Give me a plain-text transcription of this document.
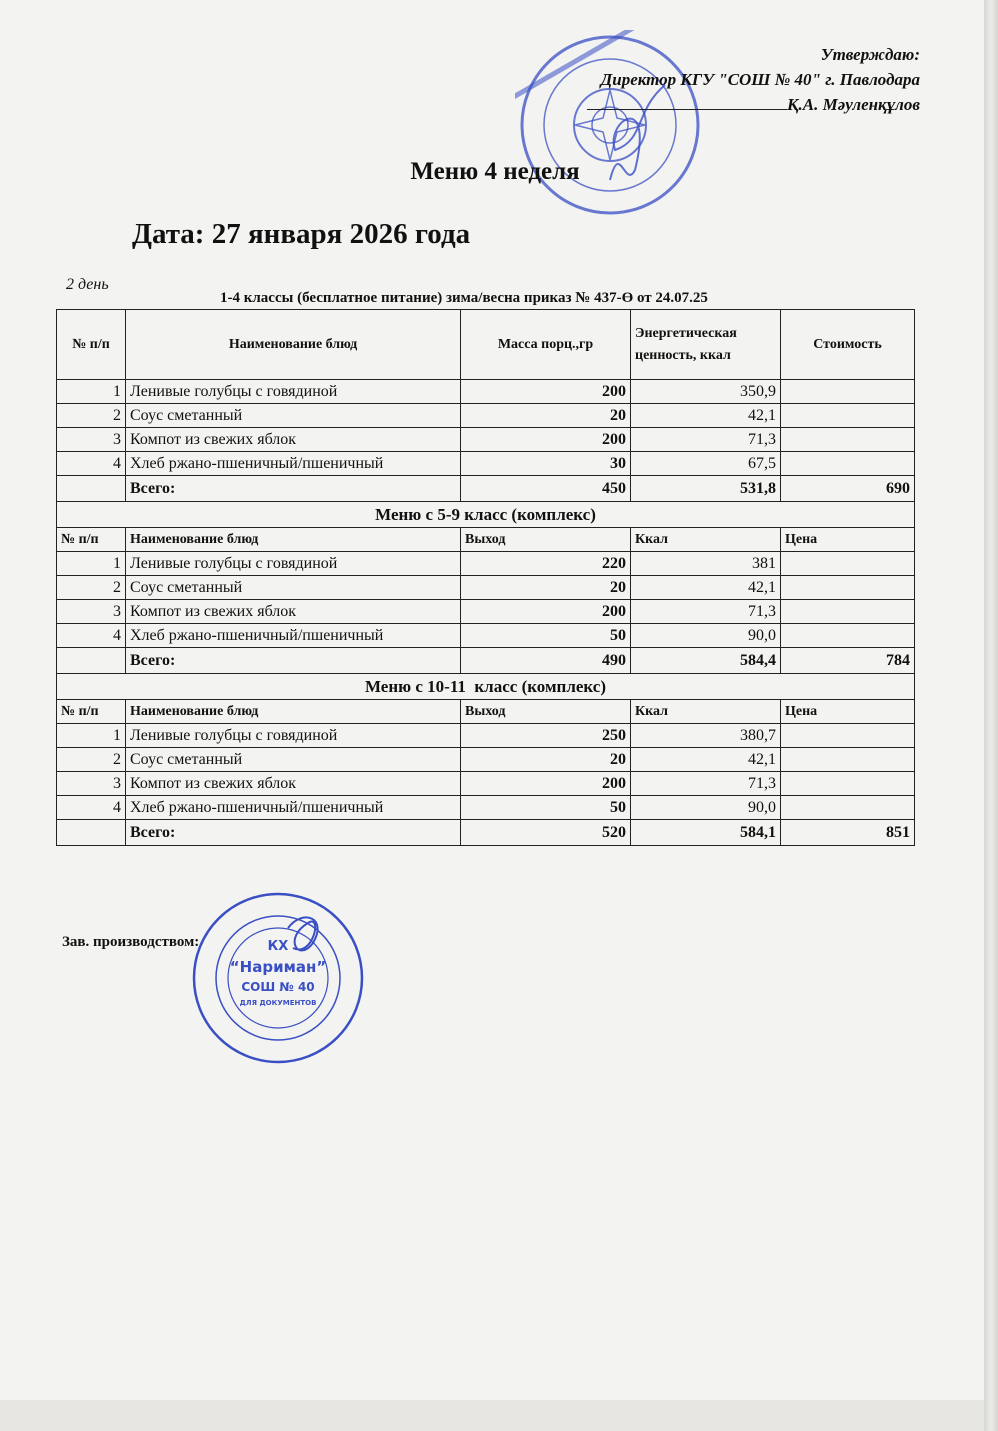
Утверждаю:
Директор КГУ "СОШ № 40" г. Павлодара
Қ.А. Мәуленқұлов
Меню 4 неделя
Дата: 27 января 2026 года
2 день
1-4 классы (бесплатное питание) зима/весна приказ № 437-Ө от 24.07.25
№ п/п	Наименование блюд	Масса порц.,гр	Энергетическая ценность, ккал	Стоимость
1	Ленивые голубцы с говядиной	200	350,9	
2	Соус сметанный	20	42,1	
3	Компот из свежих яблок	200	71,3	
4	Хлеб ржано-пшеничный/пшеничный	30	67,5	
	Всего:	450	531,8	690
Меню с 5-9 класс (комплекс)				
№ п/п	Наименование блюд	Выход	Ккал	Цена
1	Ленивые голубцы с говядиной	220	381	
2	Соус сметанный	20	42,1	
3	Компот из свежих яблок	200	71,3	
4	Хлеб ржано-пшеничный/пшеничный	50	90,0	
	Всего:	490	584,4	784
Меню с 10-11  класс (комплекс)				
№ п/п	Наименование блюд	Выход	Ккал	Цена
1	Ленивые голубцы с говядиной	250	380,7	
2	Соус сметанный	20	42,1	
3	Компот из свежих яблок	200	71,3	
4	Хлеб ржано-пшеничный/пшеничный	50	90,0	
	Всего:	520	584,1	851
Зав. производством:	КХ
“Нариман”
СОШ № 40
ДЛЯ ДОКУМЕНТОВ
